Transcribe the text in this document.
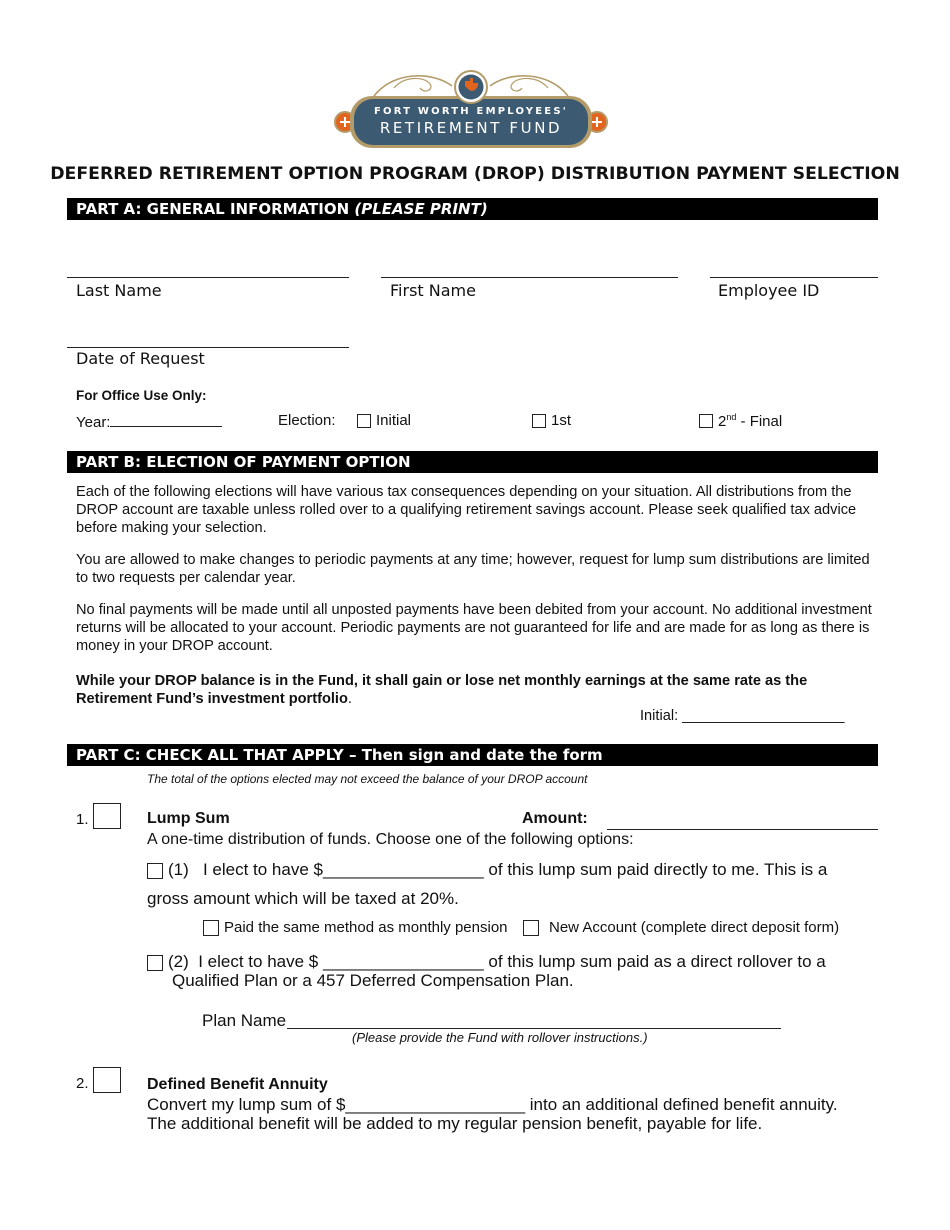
FORT WORTH EMPLOYEES'
RETIREMENT FUND
DEFERRED RETIREMENT OPTION PROGRAM (DROP) DISTRIBUTION PAYMENT SELECTION
PART A: GENERAL INFORMATION (PLEASE PRINT)
Last Name	First Name	Employee ID
Date of Request
For Office Use Only:
Year:	Election:	Initial	1st	2nd - Final
PART B: ELECTION OF PAYMENT OPTION
Each of the following elections will have various tax consequences depending on your situation. All distributions from the DROP account are taxable unless rolled over to a qualifying retirement savings account. Please seek qualified tax advice before making your selection.
You are allowed to make changes to periodic payments at any time; however, request for lump sum distributions are limited to two requests per calendar year.
No final payments will be made until all unposted payments have been debited from your account. No additional investment returns will be allocated to your account. Periodic payments are not guaranteed for life and are made for as long as there is money in your DROP account.
While your DROP balance is in the Fund, it shall gain or lose net monthly earnings at the same rate as the Retirement Fund’s investment portfolio.
Initial: ____________________
PART C: CHECK ALL THAT APPLY – Then sign and date the form
The total of the options elected may not exceed the balance of your DROP account
1.	Lump Sum	Amount:
A one-time distribution of funds. Choose one of the following options:
(1)   I elect to have $_________________ of this lump sum paid directly to me. This is a
gross amount which will be taxed at 20%.
Paid the same method as monthly pension	New Account (complete direct deposit form)
(2)  I elect to have $ _________________ of this lump sum paid as a direct rollover to a
Qualified Plan or a 457 Deferred Compensation Plan.
Plan Name
(Please provide the Fund with rollover instructions.)
2.	Defined Benefit Annuity
Convert my lump sum of $___________________ into an additional defined benefit annuity.
The additional benefit will be added to my regular pension benefit, payable for life.
